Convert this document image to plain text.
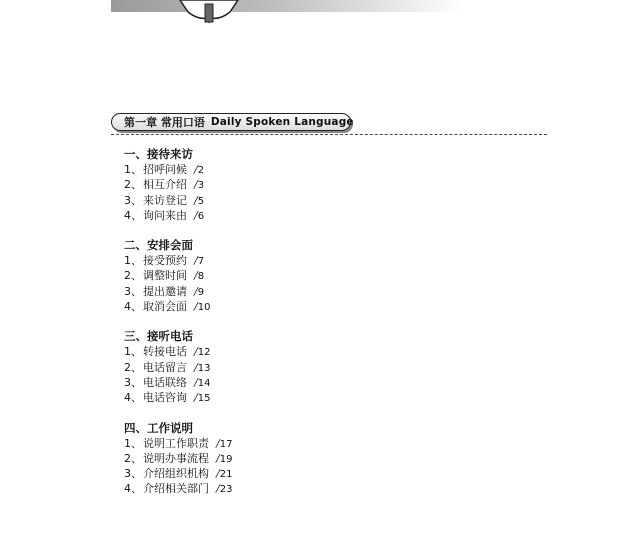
第一章 常用口语 Daily Spoken Language
一、接待来访
1、招呼问候 /2
2、相互介绍 /3
3、来访登记 /5
4、询问来由 /6
二、安排会面
1、接受预约 /7
2、调整时间 /8
3、提出邀请 /9
4、取消会面 /10
三、接听电话
1、转接电话 /12
2、电话留言 /13
3、电话联络 /14
4、电话咨询 /15
四、工作说明
1、说明工作职责 /17
2、说明办事流程 /19
3、介绍组织机构 /21
4、介绍相关部门 /23
